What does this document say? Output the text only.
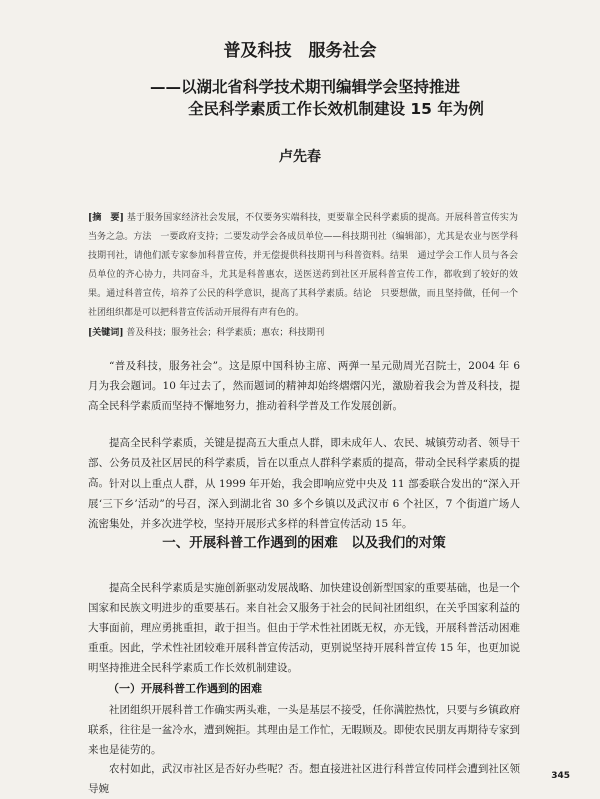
普及科技　服务社会
——以湖北省科学技术期刊编辑学会坚持推进
全民科学素质工作长效机制建设 15 年为例
卢先春
[摘　要] 基于服务国家经济社会发展，不仅要务实端科技，更要靠全民科学素质的提高。开展科普宣传实为当务之急。方法　一要政府支持；二要发动学会各成员单位——科技期刊社（编辑部），尤其是农业与医学科技期刊社，请他们派专家参加科普宣传，并无偿提供科技期刊与科普资料。结果　通过学会工作人员与各会员单位的齐心协力，共同奋斗，尤其是科普惠农，送医送药到社区开展科普宣传工作，都收到了较好的效果。通过科普宣传，培养了公民的科学意识，提高了其科学素质。结论　只要想做，而且坚持做，任何一个社团组织都是可以把科普宣传活动开展得有声有色的。
[关键词] 普及科技；服务社会；科学素质；惠农；科技期刊

“普及科技，服务社会”。这是原中国科协主席、两弹一星元勋周光召院士，2004 年 6 月为我会题词。10 年过去了，然而题词的精神却始终熠熠闪光，激励着我会为普及科技，提高全民科学素质而坚持不懈地努力，推动着科学普及工作发展创新。

提高全民科学素质，关键是提高五大重点人群，即未成年人、农民、城镇劳动者、领导干部、公务员及社区居民的科学素质，旨在以重点人群科学素质的提高，带动全民科学素质的提高。 针对以上重点人群，从 1999 年开始，我会即响应党中央及 11 部委联合发出的“深入开展‘三下乡’活动”的号召，深入到湖北省 30 多个乡镇以及武汉市 6 个社区，7 个街道广场人流密集处，并多次进学校，坚持开展形式多样的科普宣传活动 15 年。

一、开展科普工作遇到的困难　以及我们的对策

提高全民科学素质是实施创新驱动发展战略、加快建设创新型国家的重要基础，也是一个国家和民族文明进步的重要基石。来自社会又服务于社会的民间社团组织，在关乎国家利益的大事面前，理应勇挑重担，敢于担当。但由于学术性社团既无权，亦无钱，开展科普活动困难重重。因此，学术性社团较难开展科普宣传活动，更别说坚持开展科普宣传 15 年，也更加说明坚持推进全民科学素质工作长效机制建设。

（一）开展科普工作遇到的困难

社团组织开展科普工作确实两头难，一头是基层不接受，任你满腔热忱，只要与乡镇政府联系，往往是一盆冷水，遭到婉拒。其理由是工作忙，无暇顾及。即使农民朋友再期待专家到来也是徒劳的。

农村如此，武汉市社区是否好办些呢？否。想直接进社区进行科普宣传同样会遭到社区领导婉

345
